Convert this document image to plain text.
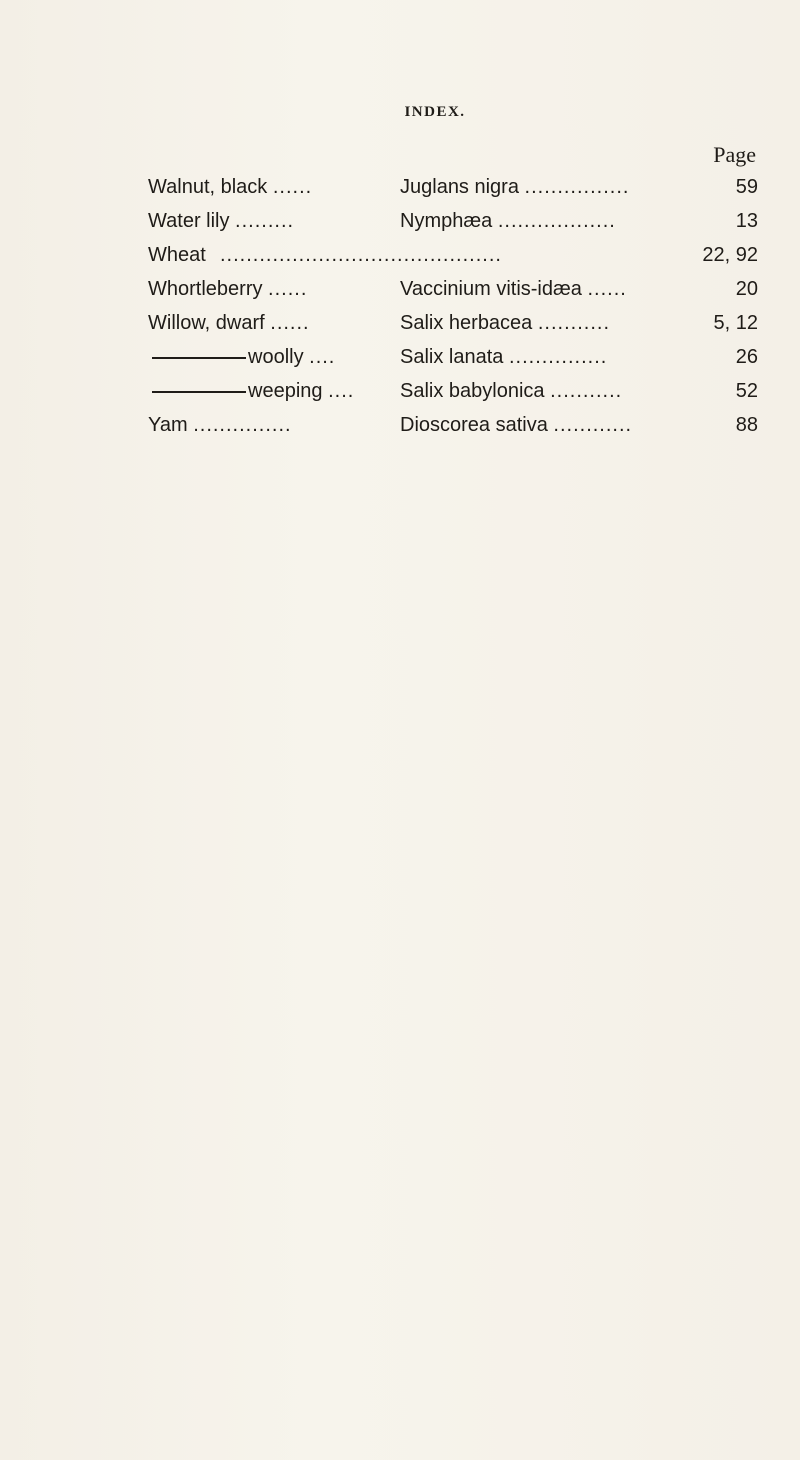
INDEX.
Page
Walnut, black ......	Juglans nigra ................	59
Water lily .........	Nymphæa ..................	13
Wheat ...........................................	22, 92
Whortleberry ......	Vaccinium vitis-idæa ......	20
Willow, dwarf ......	Salix herbacea ...........	5, 12
woolly ....	Salix lanata ...............	26
weeping .... Salix babylonica ...........	52
Yam ...............	Dioscorea sativa ............	88
